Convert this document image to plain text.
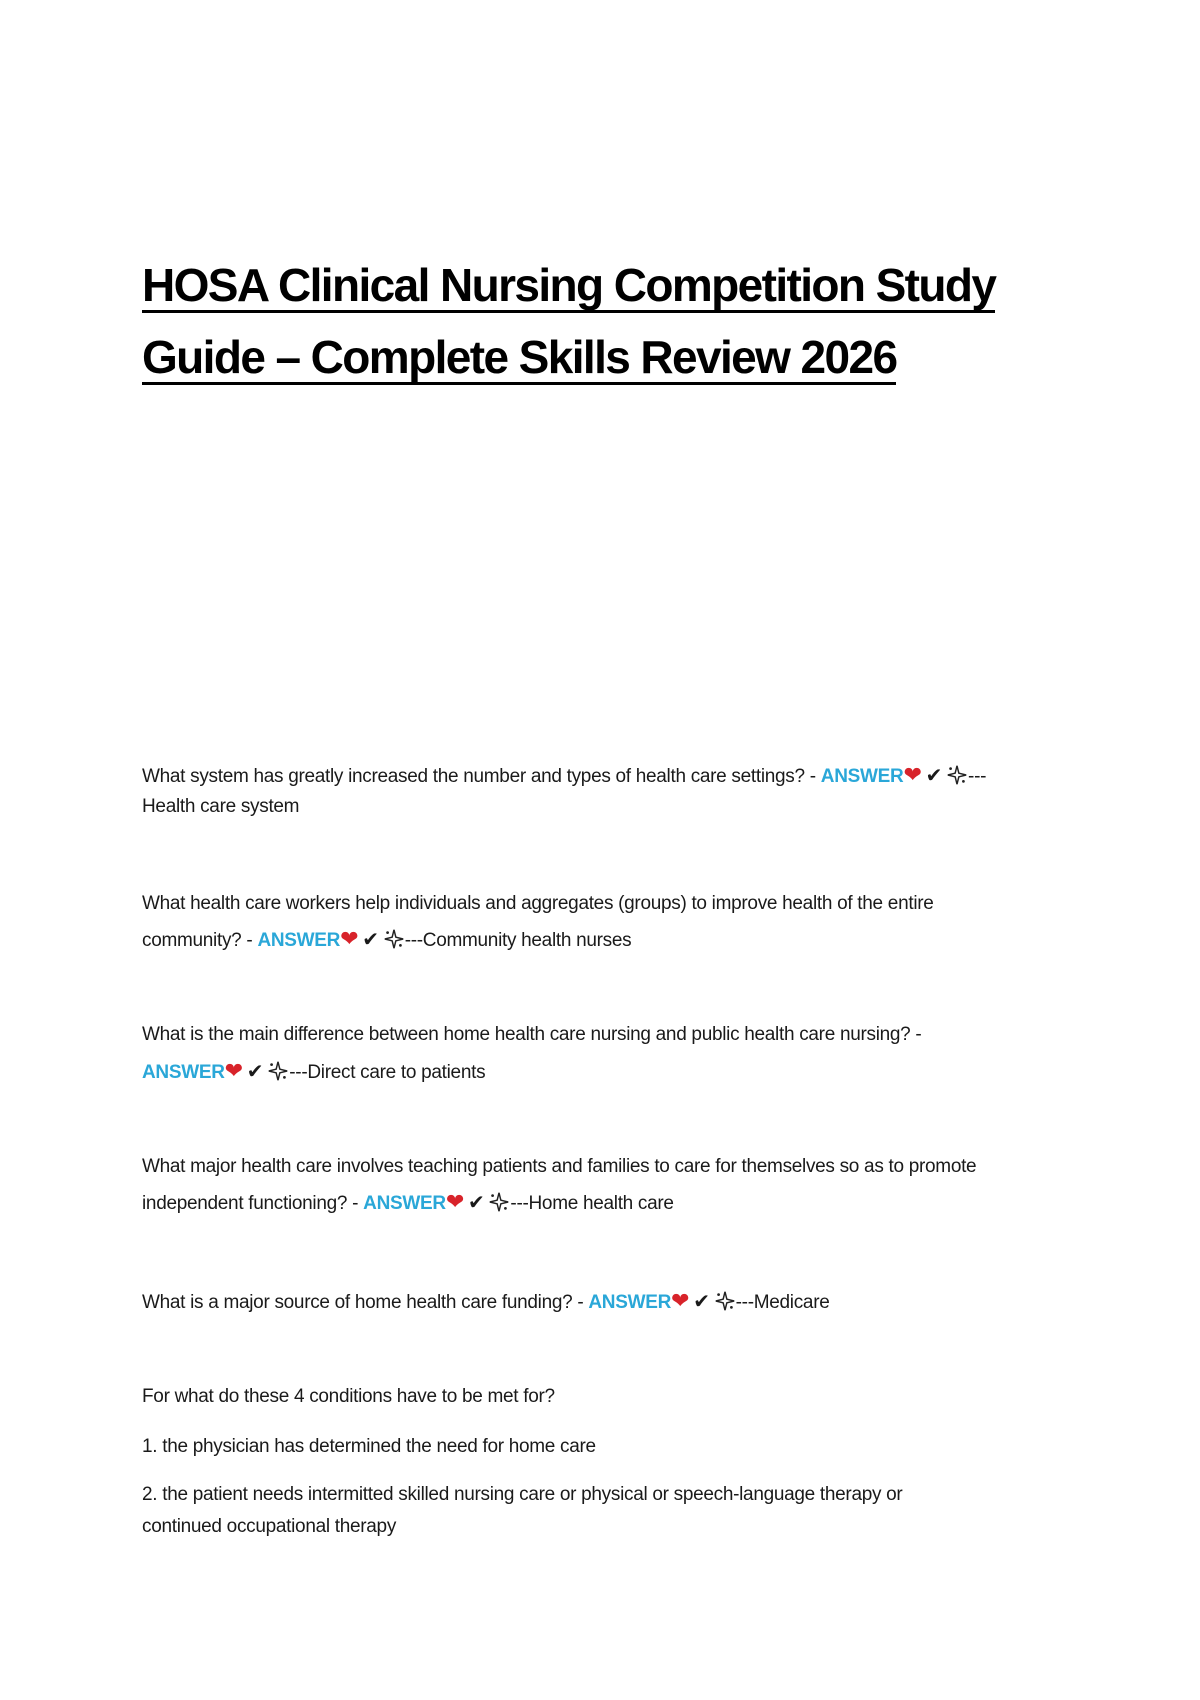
HOSA Clinical Nursing Competition Study
Guide – Complete Skills Review 2026
What system has greatly increased the number and types of health care settings? - ANSWER❤ ✔ ---
Health care system
What health care workers help individuals and aggregates (groups) to improve health of the entire
community? - ANSWER❤ ✔ ---Community health nurses
What is the main difference between home health care nursing and public health care nursing? -
ANSWER❤ ✔ ---Direct care to patients
What major health care involves teaching patients and families to care for themselves so as to promote
independent functioning? - ANSWER❤ ✔ ---Home health care
What is a major source of home health care funding? - ANSWER❤ ✔ ---Medicare
For what do these 4 conditions have to be met for?
1. the physician has determined the need for home care
2. the patient needs intermitted skilled nursing care or physical or speech-language therapy or
continued occupational therapy
